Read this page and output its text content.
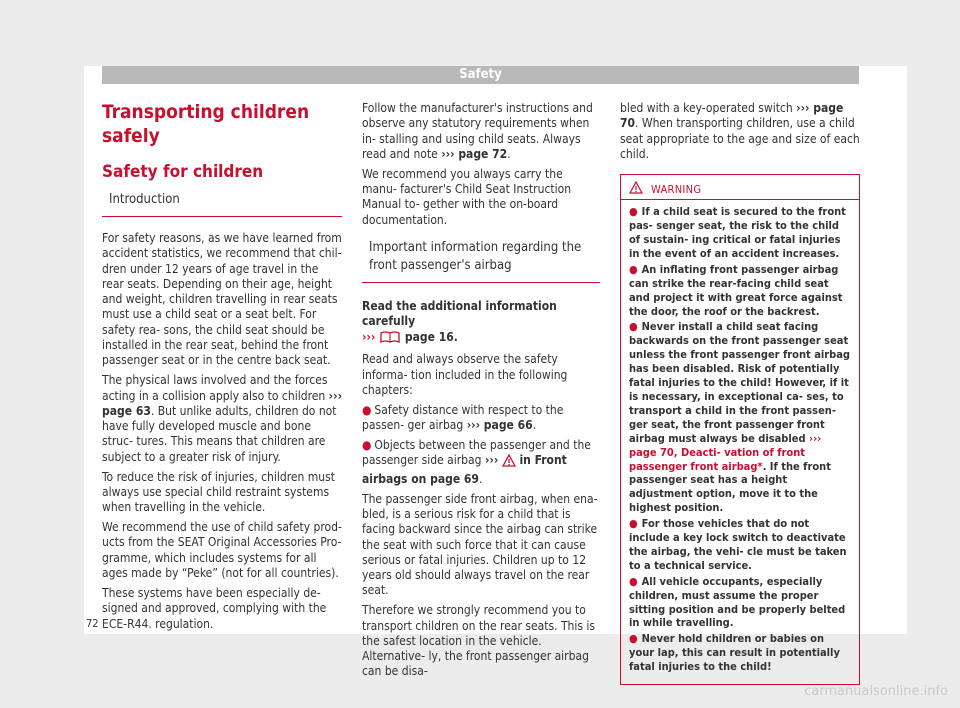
Safety
Transporting children safely
Safety for children
Introduction

For safety reasons, as we have learned from accident statistics, we recommend that chil- dren under 12 years of age travel in the rear seats. Depending on their age, height and weight, children travelling in rear seats must use a child seat or a seat belt. For safety rea- sons, the child seat should be installed in the rear seat, behind the front passenger seat or in the centre back seat.

The physical laws involved and the forces acting in a collision apply also to children ››› page 63. But unlike adults, children do not have fully developed muscle and bone struc- tures. This means that children are subject to a greater risk of injury.

To reduce the risk of injuries, children must always use special child restraint systems when travelling in the vehicle.

We recommend the use of child safety prod- ucts from the SEAT Original Accessories Pro- gramme, which includes systems for all ages made by “Peke” (not for all countries).

These systems have been especially de- signed and approved, complying with the ECE-R44. regulation.

Follow the manufacturer's instructions and observe any statutory requirements when in- stalling and using child seats. Always read and note ››› page 72.

We recommend you always carry the manu- facturer's Child Seat Instruction Manual to- gether with the on-board documentation.

Important information regarding the front passenger's airbag

Read the additional information carefully
››› page 16.

Read and always observe the safety informa- tion included in the following chapters:

● Safety distance with respect to the passen- ger airbag ››› page 66.

● Objects between the passenger and the passenger side airbag ›››  in Front airbags on page 69.

The passenger side front airbag, when ena- bled, is a serious risk for a child that is facing backward since the airbag can strike the seat with such force that it can cause serious or fatal injuries. Children up to 12 years old should always travel on the rear seat.

Therefore we strongly recommend you to transport children on the rear seats. This is the safest location in the vehicle. Alternative- ly, the front passenger airbag can be disa-

bled with a key-operated switch ››› page 70. When transporting children, use a child seat appropriate to the age and size of each child.

WARNING
● If a child seat is secured to the front pas- senger seat, the risk to the child of sustain- ing critical or fatal injuries in the event of an accident increases.
● An inflating front passenger airbag can strike the rear-facing child seat and project it with great force against the door, the roof or the backrest.
● Never install a child seat facing backwards on the front passenger seat unless the front passenger front airbag has been disabled. Risk of potentially fatal injuries to the child! However, if it is necessary, in exceptional ca- ses, to transport a child in the front passen- ger seat, the front passenger front airbag must always be disabled ››› page 70, Deacti- vation of front passenger front airbag*. If the front passenger seat has a height adjustment option, move it to the highest position.
● For those vehicles that do not include a key lock switch to deactivate the airbag, the vehi- cle must be taken to a technical service.
● All vehicle occupants, especially children, must assume the proper sitting position and be properly belted in while travelling.
● Never hold children or babies on your lap, this can result in potentially fatal injuries to the child!
72
carmanualsonline.info
